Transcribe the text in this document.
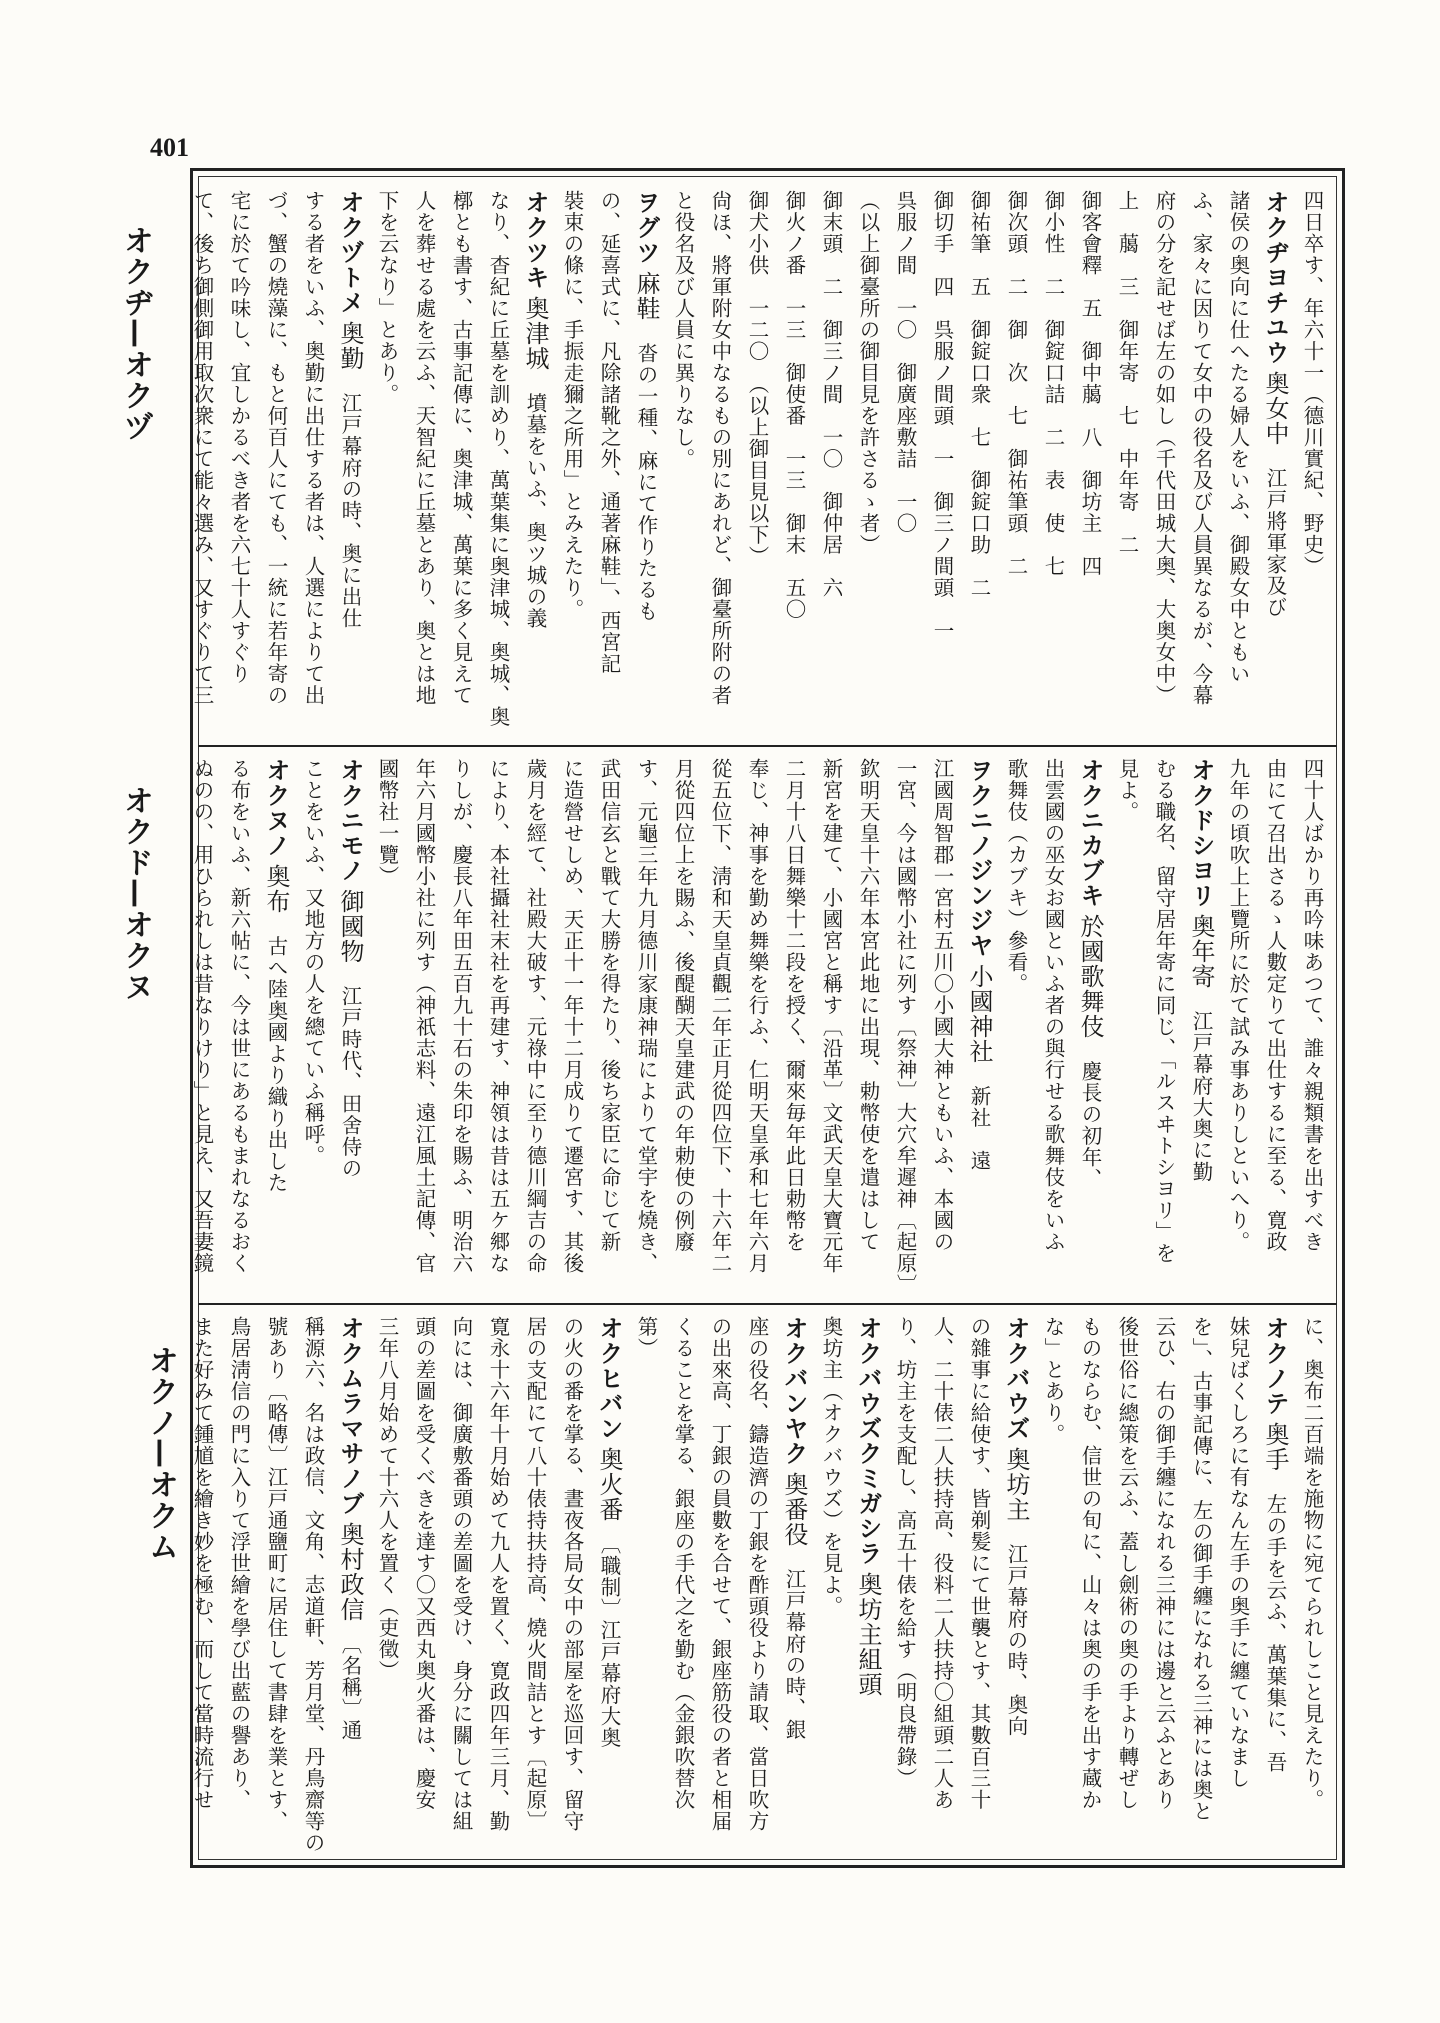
401
オクヂ—オクヅ
オクド—オクヌ
オクノ—オクム

四日卒す、年六十一（德川實紀、野史）

オクヂヨチユウ奥女中　江戸將軍家及び

諸侯の奥向に仕へたる婦人をいふ、御殿女中ともい

ふ、家々に因りて女中の役名及び人員異なるが、今幕

府の分を記せば左の如し（千代田城大奥、大奥女中）

上　﨟　三　御年寄　七　中年寄　二

御客會釋　五　御中﨟　八　御坊主　四

御小性　二　御錠口詰　二　表　使　七

御次頭　二　御　次　七　御祐筆頭　二

御祐筆　五　御錠口衆　七　御錠口助　二

御切手　四　呉服ノ間頭　一　御三ノ間頭　一

呉服ノ間　一〇　御廣座敷詰　一〇

（以上御臺所の御目見を許さるゝ者）

御末頭　二　御三ノ間　一〇　御仲居　六

御火ノ番　一三　御使番　一三　御末　五〇

御犬小供　一二〇　（以上御目見以下）

尙ほ、將軍附女中なるもの別にあれど、御臺所附の者

と役名及び人員に異りなし。

ヲグツ麻鞋　沓の一種、麻にて作りたるも

の、延喜式に、凡除諸靴之外、通著麻鞋」、西宮記

裝束の條に、手振走獮之所用」とみえたり。

オクツキ奥津城　墳墓をいふ、奥ツ城の義

なり、杳紀に丘墓を訓めり、萬葉集に奥津城、奥城、奥

槨とも書す、古事記傳に、奥津城、萬葉に多く見えて

人を葬せる處を云ふ、天智紀に丘墓とあり、奥とは地

下を云なり」とあり。

オクヅトメ奥勤　江戸幕府の時、奥に出仕

する者をいふ、奥勤に出仕する者は、人選によりて出

づ、蟹の燒藻に、もと何百人にても、一統に若年寄の

宅に於て吟味し、宜しかるべき者を六七十人すぐり

て、後ち御側御用取次衆にて能々選み、又すぐりて三

四十人ばかり再吟味あつて、誰々親類書を出すべき

由にて召出さるゝ人數定りて出仕するに至る、寛政

九年の頃吹上上覽所に於て試み事ありしといへり。

オクドシヨリ奥年寄　江戸幕府大奥に勤

むる職名、留守居年寄に同じ、「ルスヰトシヨリ」を

見よ。

オクニカブキ於國歌舞伎　慶長の初年、

出雲國の巫女お國といふ者の與行せる歌舞伎をいふ

歌舞伎（カブキ）參看。

ヲクニノジンジヤ小國神社　新社　遠

江國周智郡一宮村五川〇小國大神ともいふ、本國の

一宮、今は國幣小社に列す〔祭神〕大穴牟遲神〔起原〕

欽明天皇十六年本宮此地に出現、勅幣使を遣はして

新宮を建て、小國宮と稱す〔沿革〕文武天皇大寶元年

二月十八日舞樂十二段を授く、爾來毎年此日勅幣を

奉じ、神事を勤め舞樂を行ふ、仁明天皇承和七年六月

從五位下、淸和天皇貞觀二年正月從四位下、十六年二

月從四位上を賜ふ、後醍醐天皇建武の年勅使の例廢

す、元龜三年九月德川家康神瑞によりて堂宇を燒き、

武田信玄と戰て大勝を得たり、後ち家臣に命じて新

に造營せしめ、天正十一年十二月成りて遷宮す、其後

歲月を經て、社殿大破す、元祿中に至り德川綱吉の命

により、本社攝社末社を再建す、神領は昔は五ケ郷な

りしが、慶長八年田五百九十石の朱印を賜ふ、明治六

年六月國幣小社に列す（神祇志料、遠江風土記傳、官

國幣社一覽）

オクニモノ御國物　江戸時代、田舍侍の

ことをいふ、又地方の人を總ていふ稱呼。

オクヌノ奥布　古へ陸奥國より織り出した

る布をいふ、新六帖に、今は世にあるもまれなるおく

ぬのの、用ひられしは昔なりけり」と見え、又吾妻鏡

に、奥布二百端を施物に宛てられしこと見えたり。

オクノテ奥手　左の手を云ふ、萬葉集に、吾

妹兒ばくしろに有なん左手の奥手に纏ていなまし

を」、古事記傳に、左の御手纏になれる三神には奥と

云ひ、右の御手纏になれる三神には邊と云ふとあり

後世俗に總策を云ふ、蓋し劍術の奥の手より轉ぜし

ものならむ、信世の旬に、山々は奥の手を出す蔵か

な」とあり。

オクバウズ奥坊主　江戸幕府の時、奥向

の雜事に給使す、皆剃髪にて世襲とす、其數百三十

人、二十俵二人扶持高、役料二人扶持〇組頭二人あ

り、坊主を支配し、高五十俵を給す（明良帶錄）

オクバウズクミガシラ奥坊主組頭　

奥坊主（オクバウズ）を見よ。

オクバンヤク奥番役　江戸幕府の時、銀

座の役名、鑄造濟の丁銀を酢頭役より請取、當日吹方

の出來高、丁銀の員數を合せて、銀座筋役の者と相届

くることを掌る、銀座の手代之を勤む（金銀吹替次

第）

オクヒバン奥火番　〔職制〕江戸幕府大奥

の火の番を掌る、晝夜各局女中の部屋を巡回す、留守

居の支配にて八十俵持扶持高、燒火間詰とす〔起原〕

寛永十六年十月始めて九人を置く、寛政四年三月、勤

向には、御廣敷番頭の差圖を受け、身分に關しては組

頭の差圖を受くべきを達す〇又西丸奥火番は、慶安

三年八月始めて十六人を置く（吏徵）

オクムラマサノブ奥村政信　〔名稱〕通

稱源六、名は政信、文角、志道軒、芳月堂、丹鳥齋等の

號あり〔略傳〕江戸通鹽町に居住して書肆を業とす、

鳥居淸信の門に入りて浮世繪を學び出藍の譽あり、

また好みて鍾馗を繪き妙を極む、而して當時流行せ
